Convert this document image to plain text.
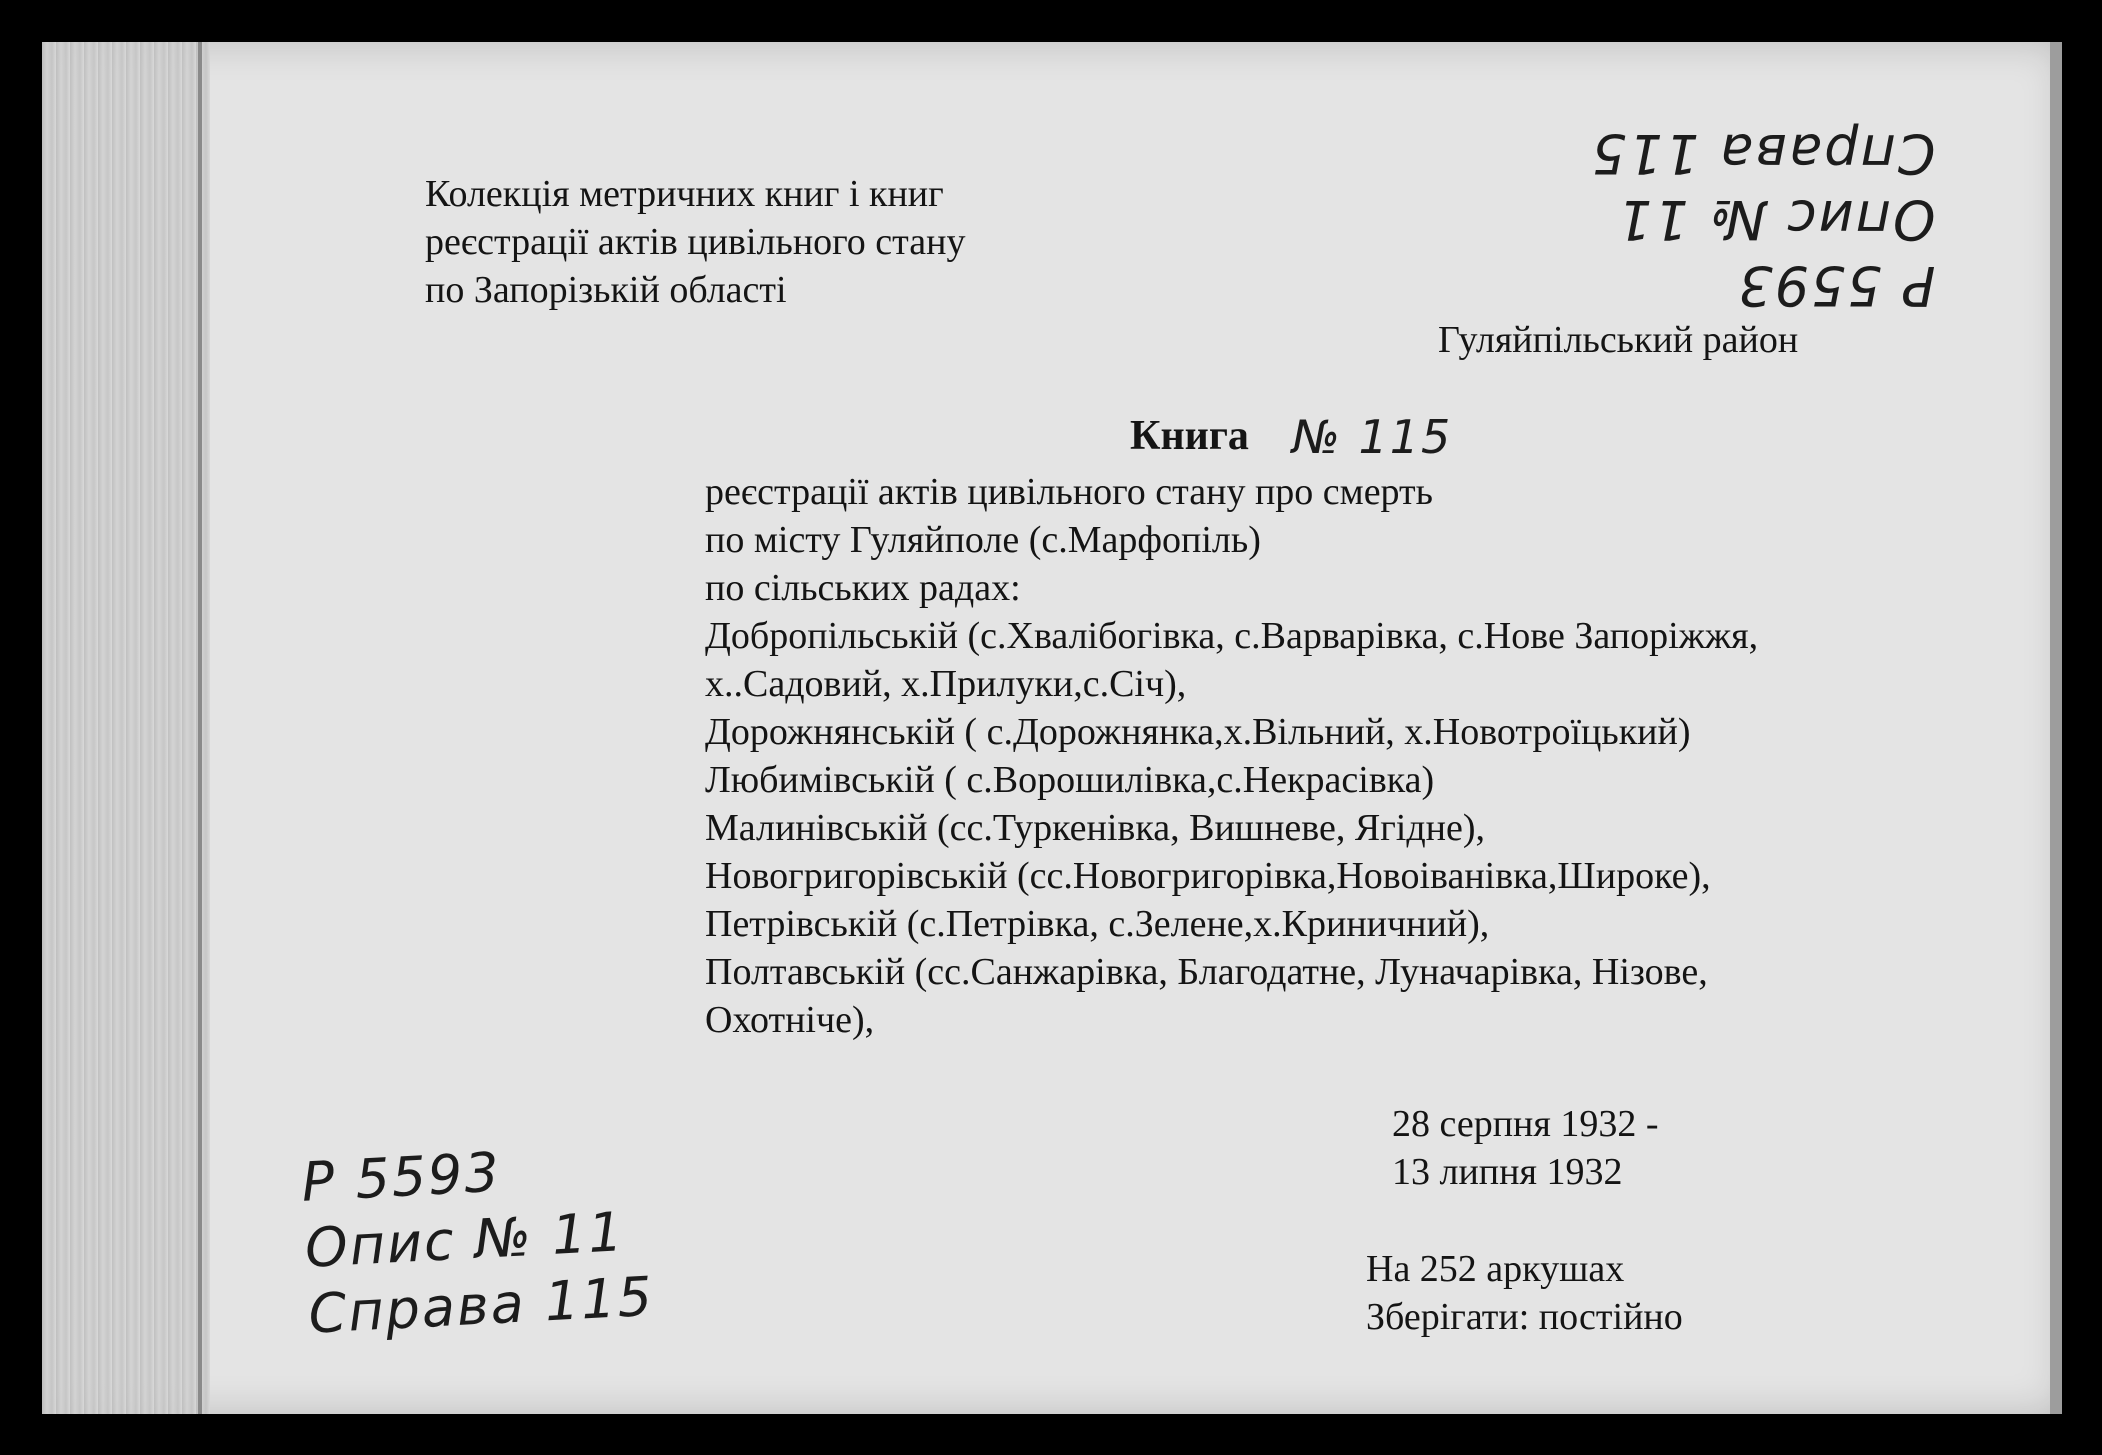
Колекція метричних книг і книг
реєстрації актів цивільного стану
по Запорізькій області
Гуляйпільський район
Книга № 115
реєстрації актів цивільного стану про смерть
по місту Гуляйполе (с.Марфопіль)
по сільських радах:
Добропільській (с.Хвалібогівка, с.Варварівка, с.Нове Запоріжжя,
х..Садовий, х.Прилуки,с.Січ),
Дорожнянській ( с.Дорожнянка,х.Вільний, х.Новотроїцький)
Любимівській ( с.Ворошилівка,с.Некрасівка)
Малинівській (сс.Туркенівка, Вишневе, Ягідне),
Новогригорівській (сс.Новогригорівка,Новоіванівка,Широке),
Петрівській (с.Петрівка, с.Зелене,х.Криничний),
Полтавській (сс.Санжарівка, Благодатне, Луначарівка, Нізове,
Охотніче),
28 серпня 1932 -
13 липня 1932
На 252 аркушах
Зберігати: постійно
Р 5593
Опис № 11
Справа 115
Р 5593
Опис № 11
Справа 115
